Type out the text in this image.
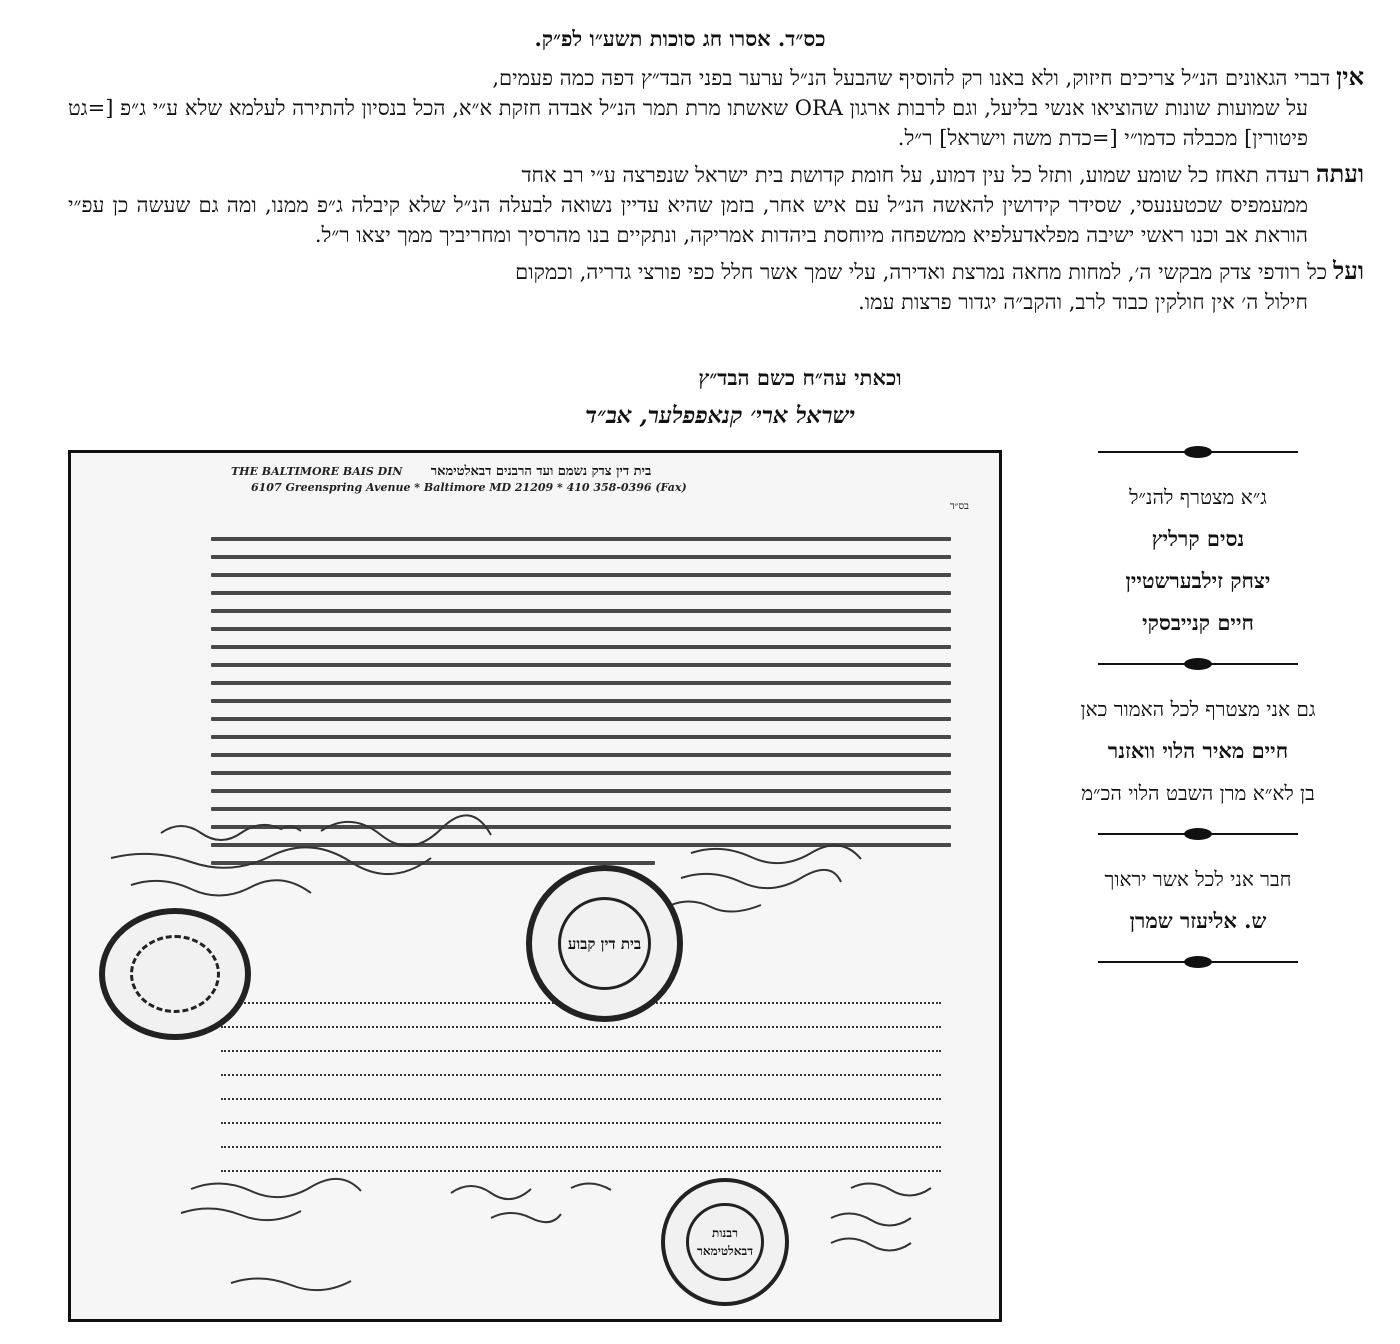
כס״ד. אסרו חג סוכות תשע״ו לפ״ק.

איןדברי הגאונים הנ״ל צריכים חיזוק, ולא באנו רק להוסיף שהבעל הנ״ל ערער בפני הבד״ץ דפה כמה פעמים,
על שמועות שונות שהוציאו אנשי בליעל, וגם לרבות ארגון ORA שאשתו מרת תמר הנ״ל אבדה חזקת א״א, הכל בנסיון להתירה לעלמא שלא ע״י ג״פ [=גט פיטורין] מכבלה כדמו״י [=כדת משה וישראל] ר״ל.

ועתהרעדה תאחז כל שומע שמוע, ותזל כל עין דמוע, על חומת קדושת בית ישראל שנפרצה ע״י רב אחד
ממעמפיס שכטענעסי, שסידר קידושין להאשה הנ״ל עם איש אחר, בזמן שהיא עדיין נשואה לבעלה הנ״ל שלא קיבלה ג״פ ממנו, ומה גם שעשה כן עפ״י הוראת אב וכנו ראשי ישיבה מפלאדעלפיא ממשפחה מיוחסת ביהדות אמריקה, ונתקיים בנו מהרסיך ומחריביך ממך יצאו ר״ל.

ועלכל רודפי צדק מבקשי ה׳, למחות מחאה נמרצת ואדירה, עלי שמך אשר חלל כפי פורצי גדריה, וכמקום
חילול ה׳ אין חולקין כבוד לרב, והקב״ה יגדור פרצות עמו.

וכאתי עה״ח כשם הבד״ץ
ישראל ארי׳ קנאפפלער, אב״ד
בית דין צדק נשמם ועד הרבנים דבאלטימאר
THE BALTIMORE BAIS DIN
6107 Greenspring Avenue * Baltimore MD 21209 * 410 358-0396 (Fax)
בס״ד
בית דין קבוע
רבנות דבאלטימאר
ג״א מצטרף להנ״ל
נסים קרליץ
יצחק זילבערשטיין
חיים קנייבסקי
גם אני מצטרף לכל האמור כאן
חיים מאיר הלוי וואזנר
בן לא״א מרן השבט הלוי הכ״מ
חבר אני לכל אשר יראוך
ש. אליעזר שמרן
